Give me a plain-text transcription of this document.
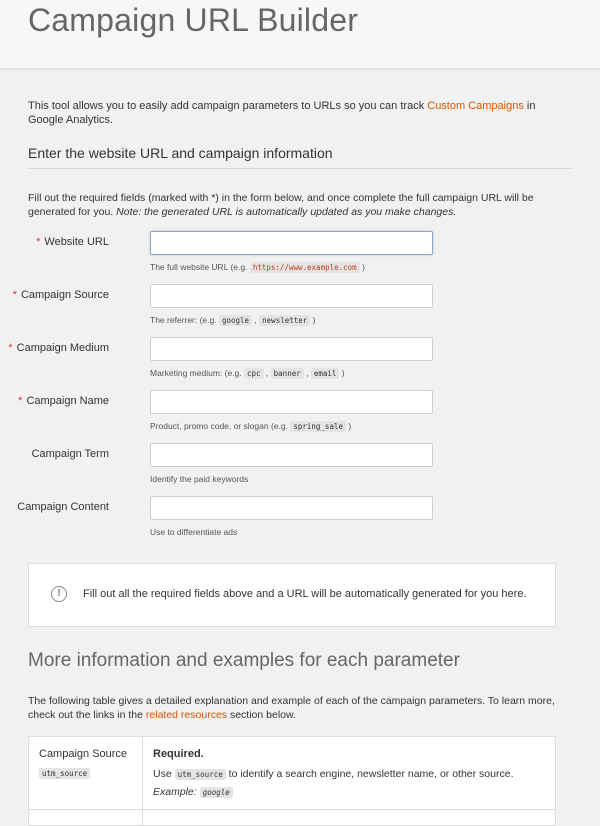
Campaign URL Builder
This tool allows you to easily add campaign parameters to URLs so you can track Custom Campaigns in Google Analytics.
Enter the website URL and campaign information
Fill out the required fields (marked with *) in the form below, and once complete the full campaign URL will be generated for you. Note: the generated URL is automatically updated as you make changes.
* Website URL
The full website URL (e.g. https://www.example.com )
* Campaign Source
The referrer: (e.g. google , newsletter )
* Campaign Medium
Marketing medium: (e.g. cpc , banner , email )
* Campaign Name
Product, promo code, or slogan (e.g. spring_sale )
Campaign Term
Identify the paid keywords
Campaign Content
Use to differentiate ads
!	Fill out all the required fields above and a URL will be automatically generated for you here.
More information and examples for each parameter
The following table gives a detailed explanation and example of each of the campaign parameters. To learn more, check out the links in the related resources section below.
Campaign Source
utm_source
Required.
Use utm_source to identify a search engine, newsletter name, or other source.
Example: google
